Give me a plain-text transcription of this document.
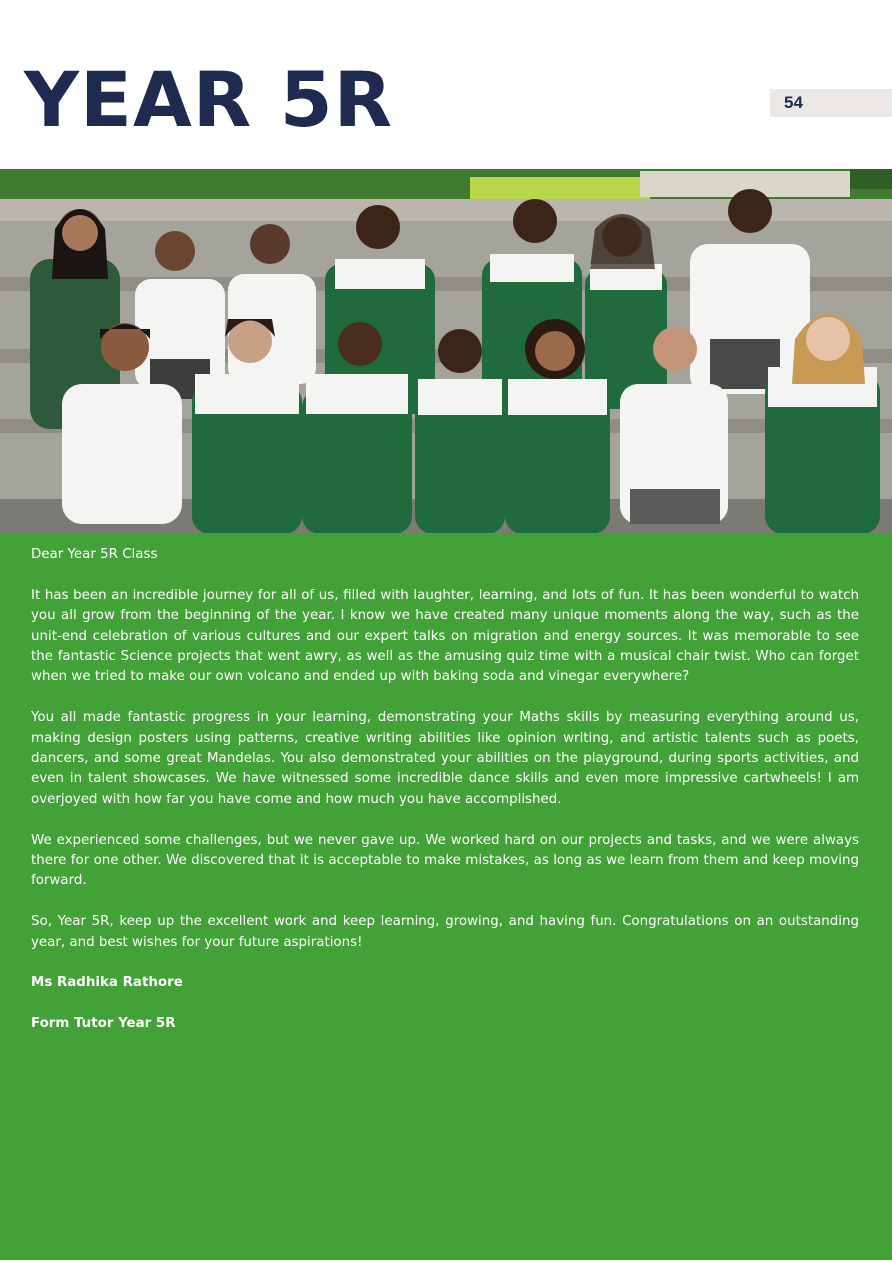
YEAR 5R	54

Dear Year 5R Class

It has been an incredible journey for all of us, filled with laughter, learning, and lots of fun. It has been wonderful to watch you all grow from the beginning of the year. I know we have created many unique moments along the way, such as the unit-end celebration of various cultures and our expert talks on migration and energy sources. It was memorable to see the fantastic Science projects that went awry, as well as the amusing quiz time with a musical chair twist. Who can forget when we tried to make our own volcano and ended up with baking soda and vinegar everywhere?

You all made fantastic progress in your learning, demonstrating your Maths skills by measuring everything around us, making design posters using patterns, creative writing abilities like opinion writing, and artistic talents such as poets, dancers, and some great Mandelas. You also demonstrated your abilities on the playground, during sports activities, and even in talent showcases. We have witnessed some incredible dance skills and even more impressive cartwheels! I am overjoyed with how far you have come and how much you have accomplished.

We experienced some challenges, but we never gave up. We worked hard on our projects and tasks, and we were always there for one other. We discovered that it is acceptable to make mistakes, as long as we learn from them and keep moving forward.

So, Year 5R, keep up the excellent work and keep learning, growing, and having fun. Congratulations on an outstanding year, and best wishes for your future aspirations!

Ms Radhika Rathore

Form Tutor Year 5R
